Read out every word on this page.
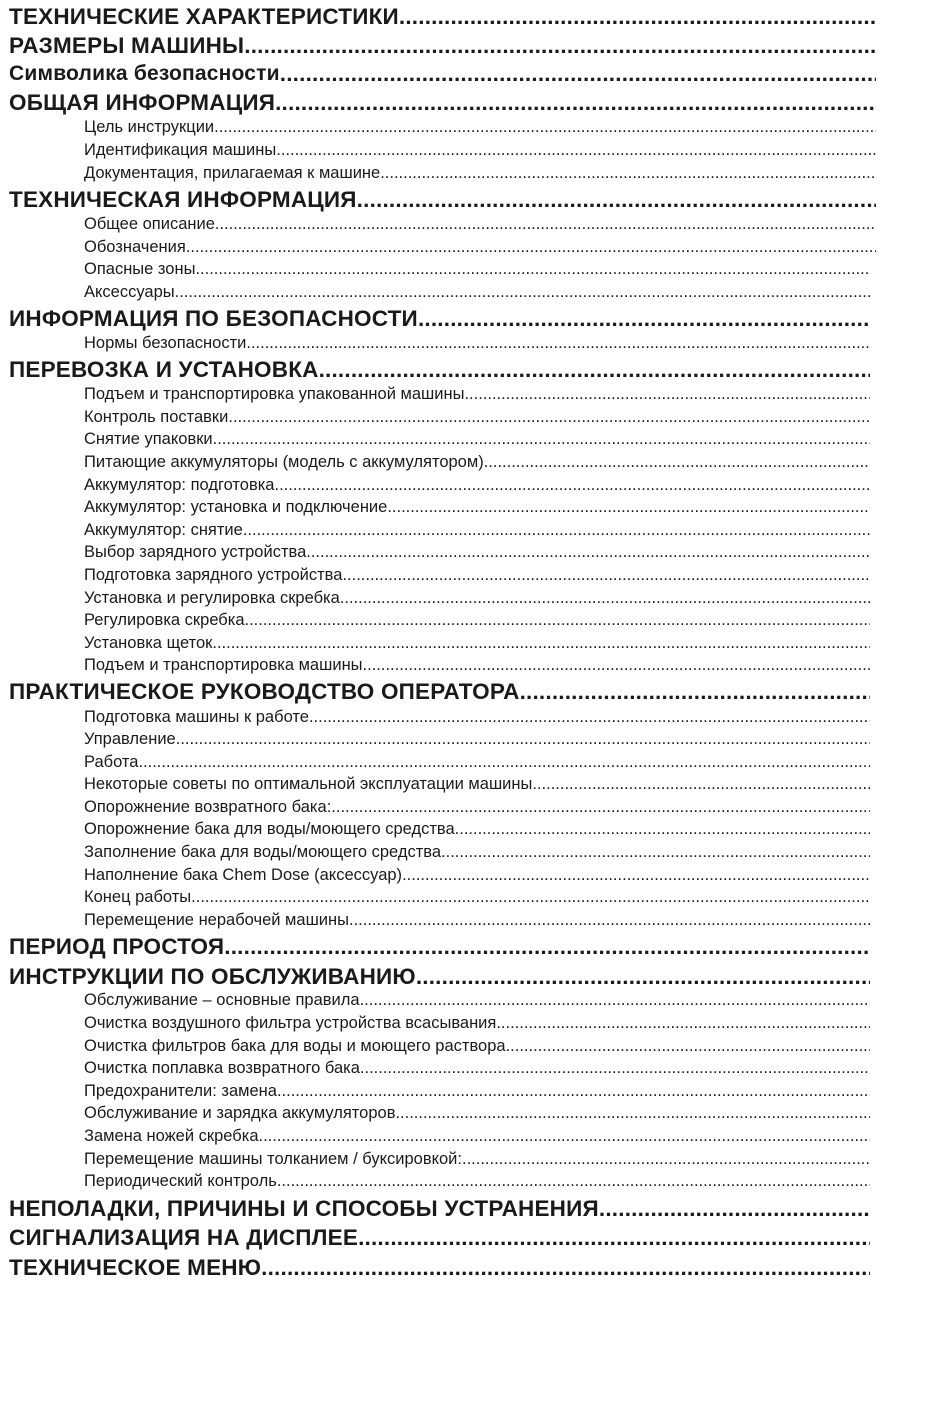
ТЕХНИЧЕСКИЕ ХАРАКТЕРИСТИКИ
.....
РАЗМЕРЫ МАШИНЫ
.....
Символика безопасности
.....
ОБЩАЯ ИНФОРМАЦИЯ
.....
Цель инструкции
.....
Идентификация машины
.....
Документация, прилагаемая к машине
.....
ТЕХНИЧЕСКАЯ ИНФОРМАЦИЯ
.....
Общее описание
.....
Обозначения
.....
Опасные зоны
.....
Аксессуары
.....
ИНФОРМАЦИЯ ПО БЕЗОПАСНОСТИ
.....
Нормы безопасности
.....
ПЕРЕВОЗКА И УСТАНОВКА
.....
Подъем и транспортировка упакованной машины
.....
Контроль поставки
.....
Снятие упаковки
.....
Питающие аккумуляторы (модель с аккумулятором)
.....
Аккумулятор: подготовка
.....
Аккумулятор: установка и подключение
.....
Аккумулятор: снятие
.....
Выбор зарядного устройства
.....
Подготовка зарядного устройства
.....
Установка и регулировка скребка
.....
Регулировка скребка
.....
Установка щеток
.....
Подъем и транспортировка машины
.....
ПРАКТИЧЕСКОЕ РУКОВОДСТВО ОПЕРАТОРА
.....
Подготовка машины к работе
.....
Управление
.....
Работа
.....
Некоторые советы по оптимальной эксплуатации машины
.....
Опорожнение возвратного бака:
.....
Опорожнение бака для воды/моющего средства
.....
Заполнение бака для воды/моющего средства
.....
Наполнение бака Chem Dose (аксессуар)
.....
Конец работы
.....
Перемещение нерабочей машины
.....
ПЕРИОД ПРОСТОЯ
.....
ИНСТРУКЦИИ ПО ОБСЛУЖИВАНИЮ
.....
Обслуживание – основные правила
.....
Очистка воздушного фильтра устройства всасывания
.....
Очистка фильтров бака для воды и моющего раствора
.....
Очистка поплавка возвратного бака
.....
Предохранители: замена
.....
Обслуживание и зарядка аккумуляторов
.....
Замена ножей скребка
.....
Перемещение машины толканием / буксировкой:
.....
Периодический контроль
.....
НЕПОЛАДКИ, ПРИЧИНЫ И СПОСОБЫ УСТРАНЕНИЯ
.....
СИГНАЛИЗАЦИЯ НА ДИСПЛЕЕ
.....
ТЕХНИЧЕСКОЕ МЕНЮ
.....
